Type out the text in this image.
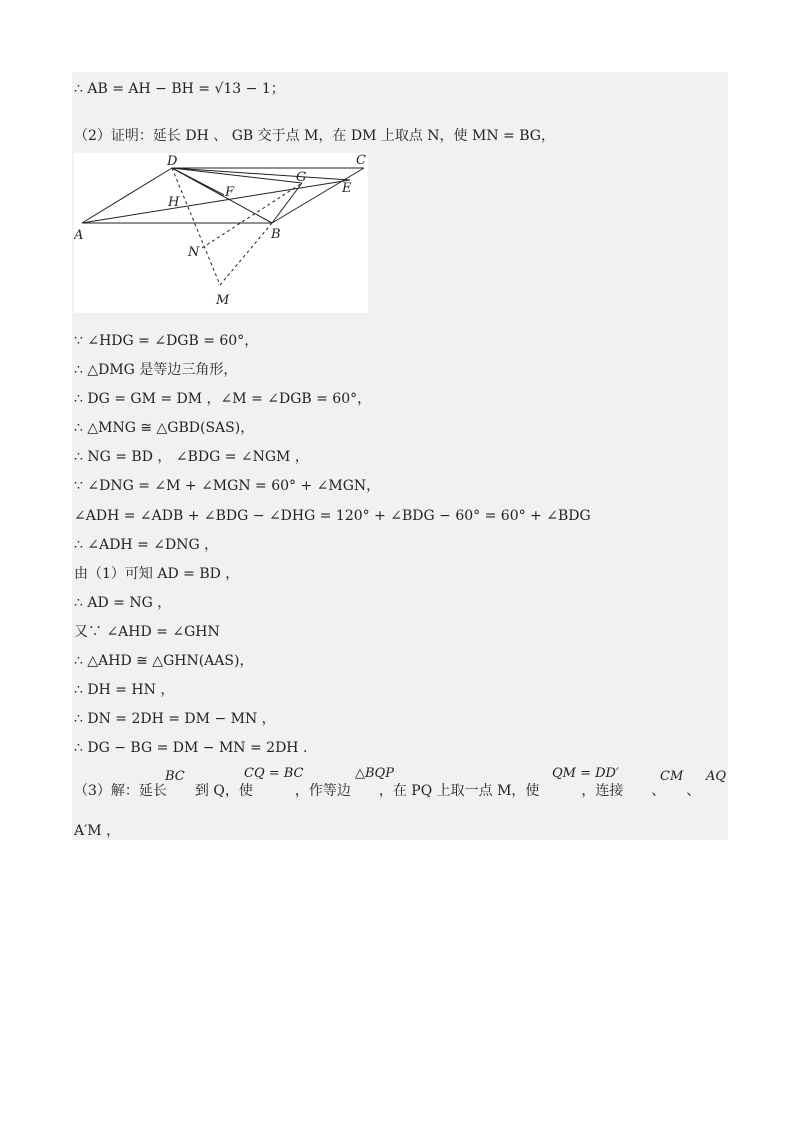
∴ AB = AH − BH = √13 − 1；
（2）证明：延长 DH 、 GB 交于点 M，在 DM 上取点 N，使 MN = BG，
D	C
A	B
G
E
F
H
N
M
∵ ∠HDG = ∠DGB = 60°，
∴ △DMG 是等边三角形，
∴ DG = GM = DM ，∠M = ∠DGB = 60°，
∴ △MNG ≅ △GBD(SAS)，
∴ NG = BD ， ∠BDG = ∠NGM ，
∵ ∠DNG = ∠M + ∠MGN = 60° + ∠MGN，
∠ADH = ∠ADB + ∠BDG − ∠DHG = 120° + ∠BDG − 60° = 60° + ∠BDG
∴ ∠ADH = ∠DNG ，
由（1）可知 AD = BD ，
∴ AD = NG ，
又∵ ∠AHD = ∠GHN
∴ △AHD ≅ △GHN(AAS)，
∴ DH = HN ，
∴ DN = 2DH = DM − MN ，
∴ DG − BG = DM − MN = 2DH .
（3）解：延长　　到 Q，使　　　，作等边　　，在 PQ 上取一点 M，使　　　，连接　　、　　、
BC	CQ = BC	△BQP	QM = DD′	CM AQ
A′M ，
